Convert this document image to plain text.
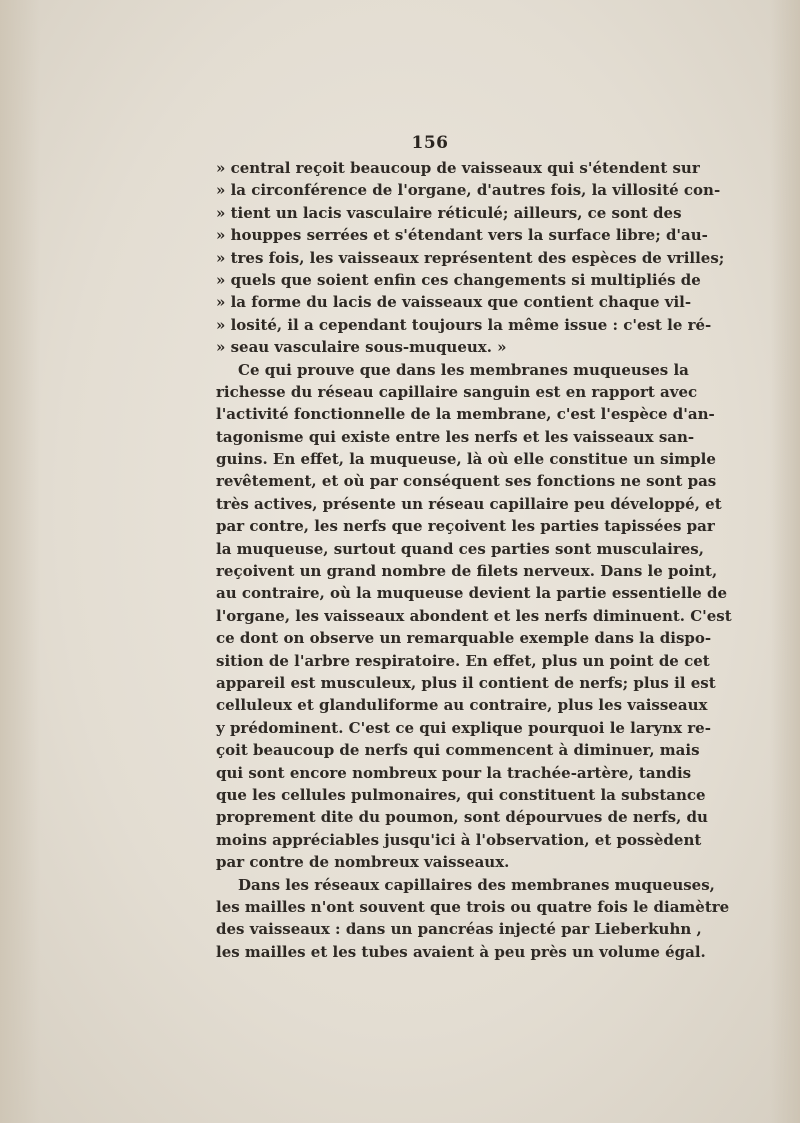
156
» central reçoit beaucoup de vaisseaux qui s'étendent sur
» la circonférence de l'organe, d'autres fois, la villosité con-
» tient un lacis vasculaire réticulé; ailleurs, ce sont des
» houppes serrées et s'étendant vers la surface libre; d'au-
» tres fois, les vaisseaux représentent des espèces de vrilles;
» quels que soient enfin ces changements si multipliés de
» la forme du lacis de vaisseaux que contient chaque vil-
» losité, il a cependant toujours la même issue : c'est le ré-
» seau vasculaire sous-muqueux. »
Ce qui prouve que dans les membranes muqueuses la
richesse du réseau capillaire sanguin est en rapport avec
l'activité fonctionnelle de la membrane, c'est l'espèce d'an-
tagonisme qui existe entre les nerfs et les vaisseaux san-
guins. En effet, la muqueuse, là où elle constitue un simple
revêtement, et où par conséquent ses fonctions ne sont pas
très actives, présente un réseau capillaire peu développé, et
par contre, les nerfs que reçoivent les parties tapissées par
la muqueuse, surtout quand ces parties sont musculaires,
reçoivent un grand nombre de filets nerveux. Dans le point,
au contraire, où la muqueuse devient la partie essentielle de
l'organe, les vaisseaux abondent et les nerfs diminuent. C'est
ce dont on observe un remarquable exemple dans la dispo-
sition de l'arbre respiratoire. En effet, plus un point de cet
appareil est musculeux, plus il contient de nerfs; plus il est
celluleux et glanduliforme au contraire, plus les vaisseaux
y prédominent. C'est ce qui explique pourquoi le larynx re-
çoit beaucoup de nerfs qui commencent à diminuer, mais
qui sont encore nombreux pour la trachée-artère, tandis
que les cellules pulmonaires, qui constituent la substance
proprement dite du poumon, sont dépourvues de nerfs, du
moins appréciables jusqu'ici à l'observation, et possèdent
par contre de nombreux vaisseaux.
Dans les réseaux capillaires des membranes muqueuses,
les mailles n'ont souvent que trois ou quatre fois le diamètre
des vaisseaux : dans un pancréas injecté par Lieberkuhn ,
les mailles et les tubes avaient à peu près un volume égal.
